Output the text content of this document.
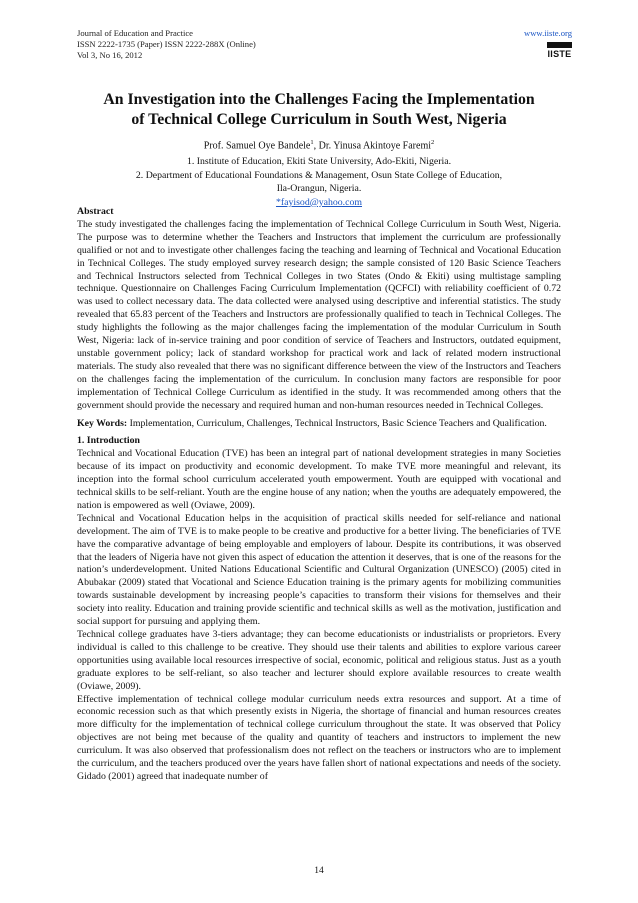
Journal of Education and Practice
ISSN 2222-1735 (Paper) ISSN 2222-288X (Online)
Vol 3, No 16, 2012
www.iiste.org
IISTE
An Investigation into the Challenges Facing the Implementation
of Technical College Curriculum in South West, Nigeria
Prof. Samuel Oye Bandele$^1$, Dr. Yinusa Akintoye Faremi$^2$
1. Institute of Education, Ekiti State University, Ado-Ekiti, Nigeria.
2. Department of Educational Foundations & Management, Osun State College of Education,
Ila-Orangun, Nigeria.
*fayisod@yahoo.com

Abstract

The study investigated the challenges facing the implementation of Technical College Curriculum in South West, Nigeria. The purpose was to determine whether the Teachers and Instructors that implement the curriculum are professionally qualified or not and to investigate other challenges facing the teaching and learning of Technical and Vocational Education in Technical Colleges. The study employed survey research design; the sample consisted of 120 Basic Science Teachers and Technical Instructors selected from Technical Colleges in two States (Ondo & Ekiti) using multistage sampling technique. Questionnaire on Challenges Facing Curriculum Implementation (QCFCI) with reliability coefficient of 0.72 was used to collect necessary data. The data collected were analysed using descriptive and inferential statistics. The study revealed that 65.83 percent of the Teachers and Instructors are professionally qualified to teach in Technical Colleges. The study highlights the following as the major challenges facing the implementation of the modular Curriculum in South West, Nigeria: lack of in-service training and poor condition of service of Teachers and Instructors, outdated equipment, unstable government policy; lack of standard workshop for practical work and lack of related modern instructional materials. The study also revealed that there was no significant difference between the view of the Instructors and Teachers on the challenges facing the implementation of the curriculum. In conclusion many factors are responsible for poor implementation of Technical College Curriculum as identified in the study. It was recommended among others that the government should provide the necessary and required human and non-human resources needed in Technical Colleges.

Key Words: Implementation, Curriculum, Challenges, Technical Instructors, Basic Science Teachers and Qualification.

1. Introduction

Technical and Vocational Education (TVE) has been an integral part of national development strategies in many Societies because of its impact on productivity and economic development. To make TVE more meaningful and relevant, its inception into the formal school curriculum accelerated youth empowerment. Youth are equipped with vocational and technical skills to be self-reliant. Youth are the engine house of any nation; when the youths are adequately empowered, the nation is empowered as well (Oviawe, 2009).

Technical and Vocational Education helps in the acquisition of practical skills needed for self-reliance and national development. The aim of TVE is to make people to be creative and productive for a better living. The beneficiaries of TVE have the comparative advantage of being employable and employers of labour. Despite its contributions, it was observed that the leaders of Nigeria have not given this aspect of education the attention it deserves, that is one of the reasons for the nation’s underdevelopment. United Nations Educational Scientific and Cultural Organization (UNESCO) (2005) cited in Abubakar (2009) stated that Vocational and Science Education training is the primary agents for mobilizing communities towards sustainable development by increasing people’s capacities to transform their visions for themselves and their society into reality. Education and training provide scientific and technical skills as well as the motivation, justification and social support for pursuing and applying them.

Technical college graduates have 3-tiers advantage; they can become educationists or industrialists or proprietors. Every individual is called to this challenge to be creative. They should use their talents and abilities to explore various career opportunities using available local resources irrespective of social, economic, political and religious status. Just as a youth graduate explores to be self-reliant, so also teacher and lecturer should explore available resources to create wealth (Oviawe, 2009).

Effective implementation of technical college modular curriculum needs extra resources and support. At a time of economic recession such as that which presently exists in Nigeria, the shortage of financial and human resources creates more difficulty for the implementation of technical college curriculum throughout the state. It was observed that Policy objectives are not being met because of the quality and quantity of teachers and instructors to implement the new curriculum. It was also observed that professionalism does not reflect on the teachers or instructors who are to implement the curriculum, and the teachers produced over the years have fallen short of national expectations and needs of the society. Gidado (2001) agreed that inadequate number of

14
